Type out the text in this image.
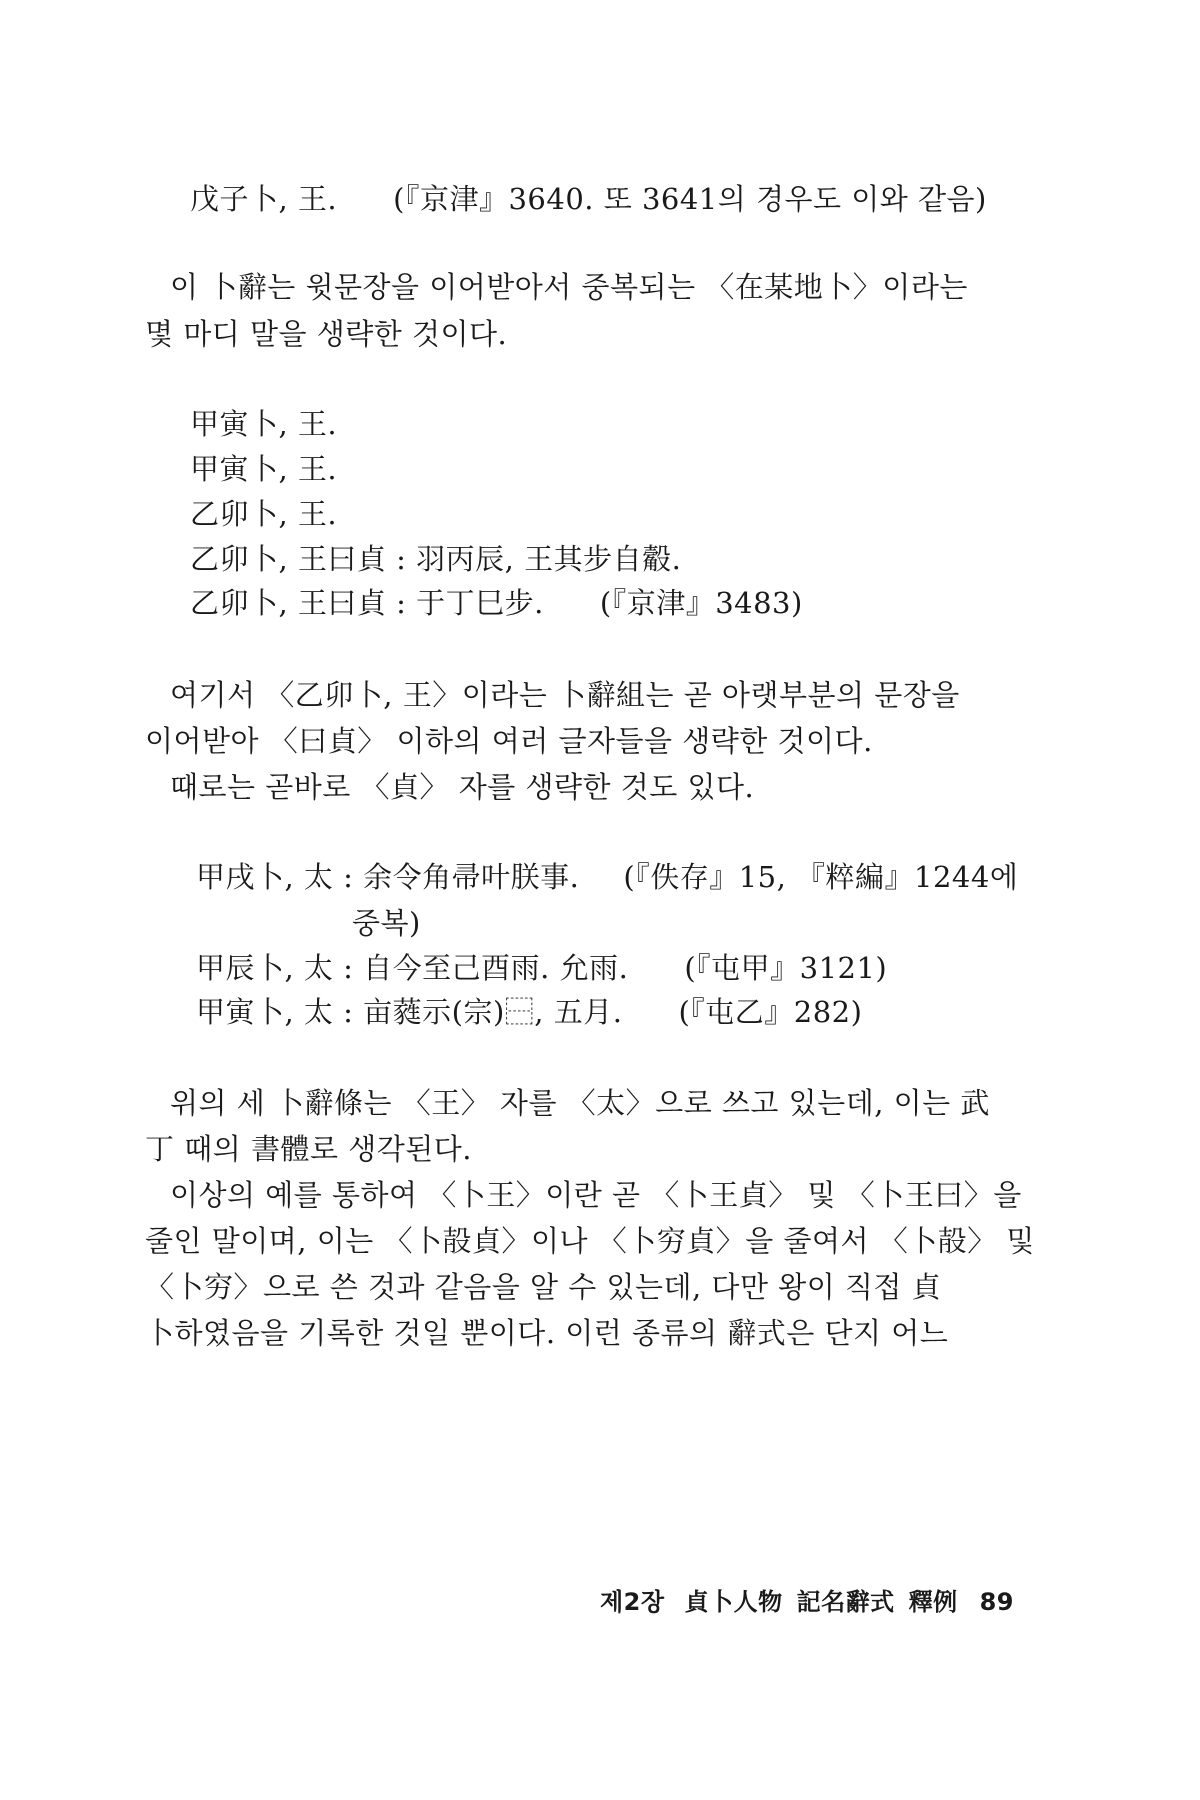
戊子卜, 王. (『京津』3640. 또 3641의 경우도 이와 같음)
이 卜辭는 윗문장을 이어받아서 중복되는 〈在某地卜〉이라는
몇 마디 말을 생략한 것이다.
甲寅卜, 王.
甲寅卜, 王.
乙卯卜, 王.
乙卯卜, 王曰貞 : 羽丙辰, 王其步自觳.
乙卯卜, 王曰貞 : 于丁巳步. (『京津』3483)
여기서 〈乙卯卜, 王〉이라는 卜辭組는 곧 아랫부분의 문장을
이어받아 〈曰貞〉 이하의 여러 글자들을 생략한 것이다.
때로는 곧바로 〈貞〉 자를 생략한 것도 있다.
甲戌卜, 太 : 余令角帚叶朕事. (『佚存』15, 『粹編』1244에
중복)
甲辰卜, 太 : 自今至己酉雨. 允雨. (『屯甲』3121)
甲寅卜, 太 : 亩蕤示(宗)⿱, 五月. (『屯乙』282)
위의 세 卜辭條는 〈王〉 자를 〈太〉으로 쓰고 있는데, 이는 武
丁 때의 書體로 생각된다.
이상의 예를 통하여 〈卜王〉이란 곧 〈卜王貞〉 및 〈卜王曰〉을
줄인 말이며, 이는 〈卜㱿貞〉이나 〈卜穷貞〉을 줄여서 〈卜㱿〉 및
〈卜穷〉으로 쓴 것과 같음을 알 수 있는데, 다만 왕이 직접 貞
卜하였음을 기록한 것일 뿐이다. 이런 종류의 辭式은 단지 어느
제2장 貞卜人物 記名辭式 釋例 89
